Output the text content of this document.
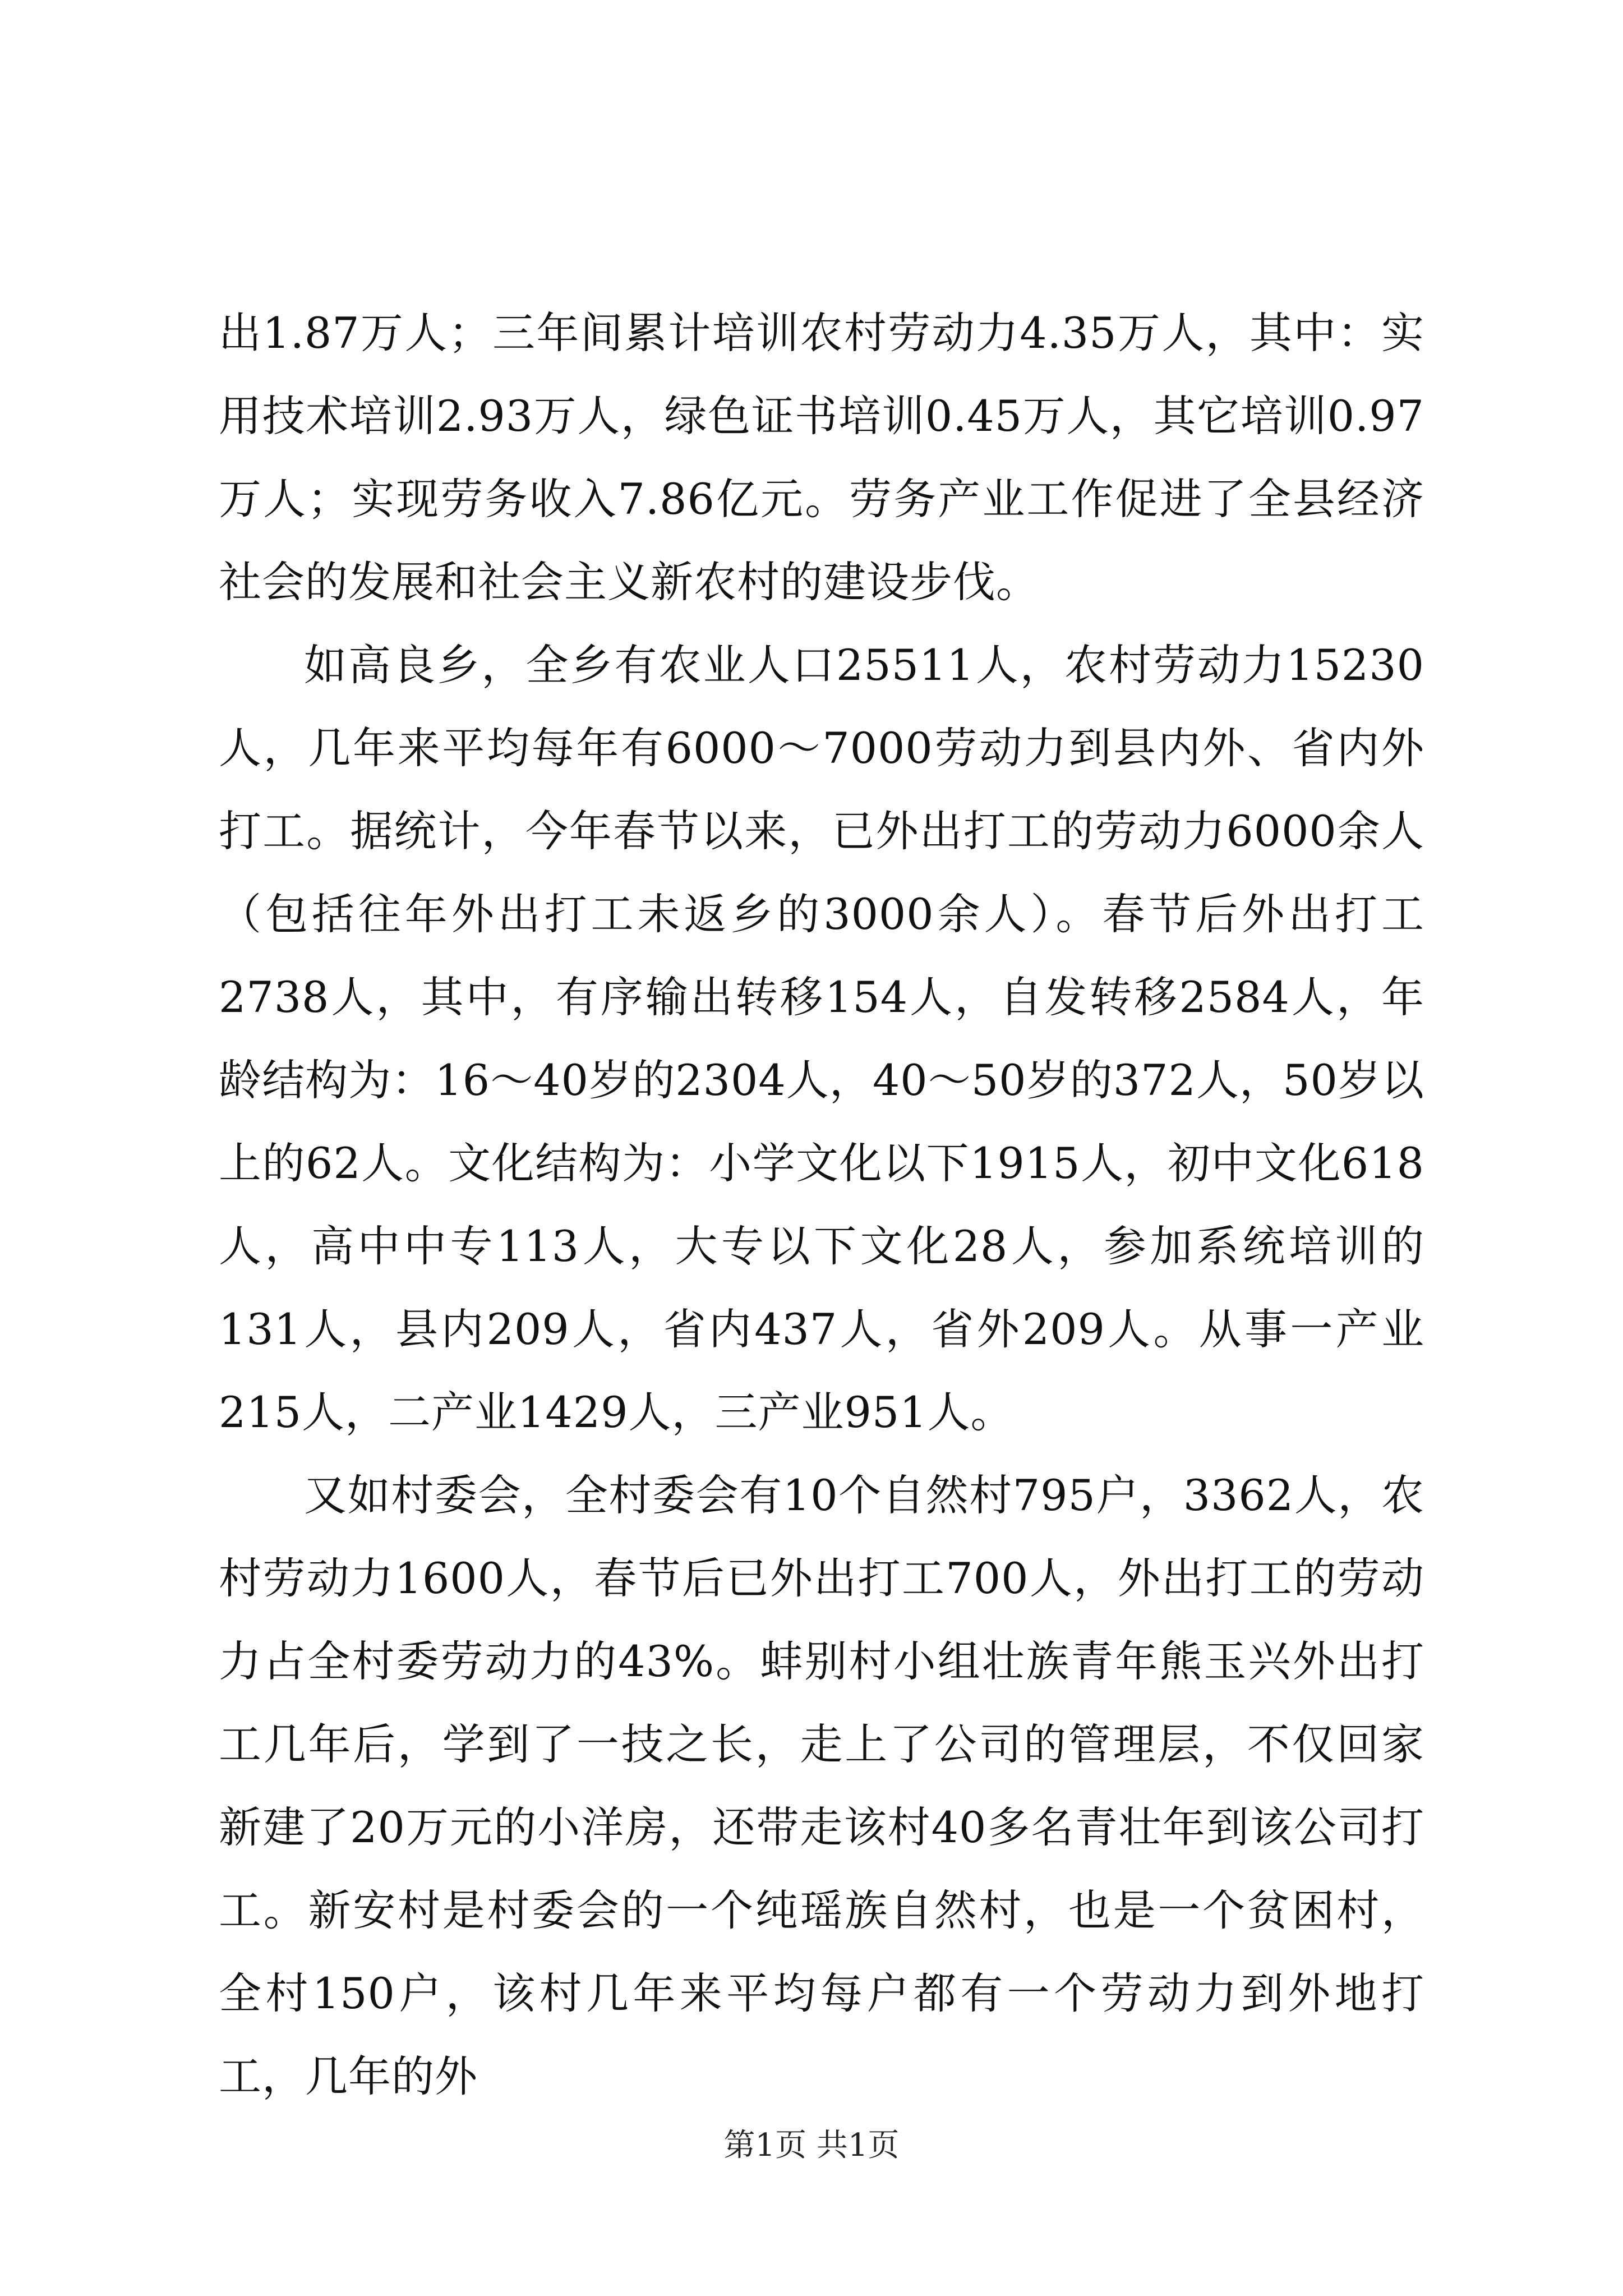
出1.87万人；三年间累计培训农村劳动力4.35万人，其中：实用技术培训2.93万人，绿色证书培训0.45万人，其它培训0.97万人；实现劳务收入7.86亿元。劳务产业工作促进了全县经济社会的发展和社会主义新农村的建设步伐。

如高良乡，全乡有农业人口25511人，农村劳动力15230人，几年来平均每年有6000～7000劳动力到县内外、省内外打工。据统计，今年春节以来，已外出打工的劳动力6000余人（包括往年外出打工未返乡的3000余人）。春节后外出打工2738人，其中，有序输出转移154人，自发转移2584人，年龄结构为：16～40岁的2304人，40～50岁的372人，50岁以上的62人。文化结构为：小学文化以下1915人，初中文化618人，高中中专113人，大专以下文化28人，参加系统培训的131人，县内209人，省内437人，省外209人。从事一产业215人，二产业1429人，三产业951人。

又如村委会，全村委会有10个自然村795户，3362人，农村劳动力1600人，春节后已外出打工700人，外出打工的劳动力占全村委劳动力的43%。蚌别村小组壮族青年熊玉兴外出打工几年后，学到了一技之长，走上了公司的管理层，不仅回家新建了20万元的小洋房，还带走该村40多名青壮年到该公司打工。新安村是村委会的一个纯瑶族自然村，也是一个贫困村，全村150户，该村几年来平均每户都有一个劳动力到外地打工，几年的外

第1页 共1页
